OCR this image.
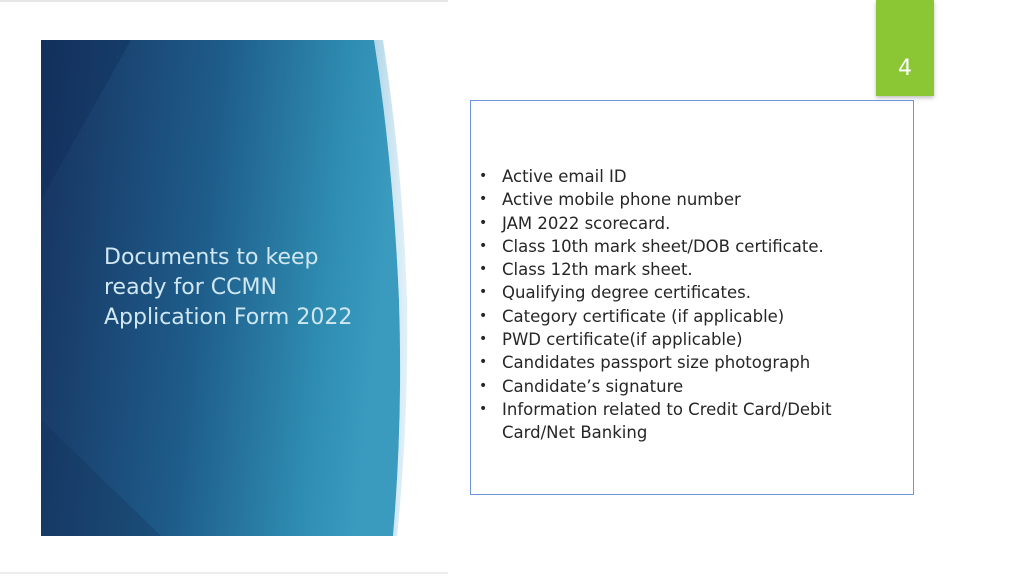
Documents to keep
ready for CCMN
Application Form 2022

4
• Active email ID
• Active mobile phone number
• JAM 2022 scorecard.
• Class 10th mark sheet/DOB certificate.
• Class 12th mark sheet.
• Qualifying degree certificates.
• Category certificate (if applicable)
• PWD certificate(if applicable)
• Candidates passport size photograph
• Candidate’s signature
• Information related to Credit Card/Debit Card/Net Banking
